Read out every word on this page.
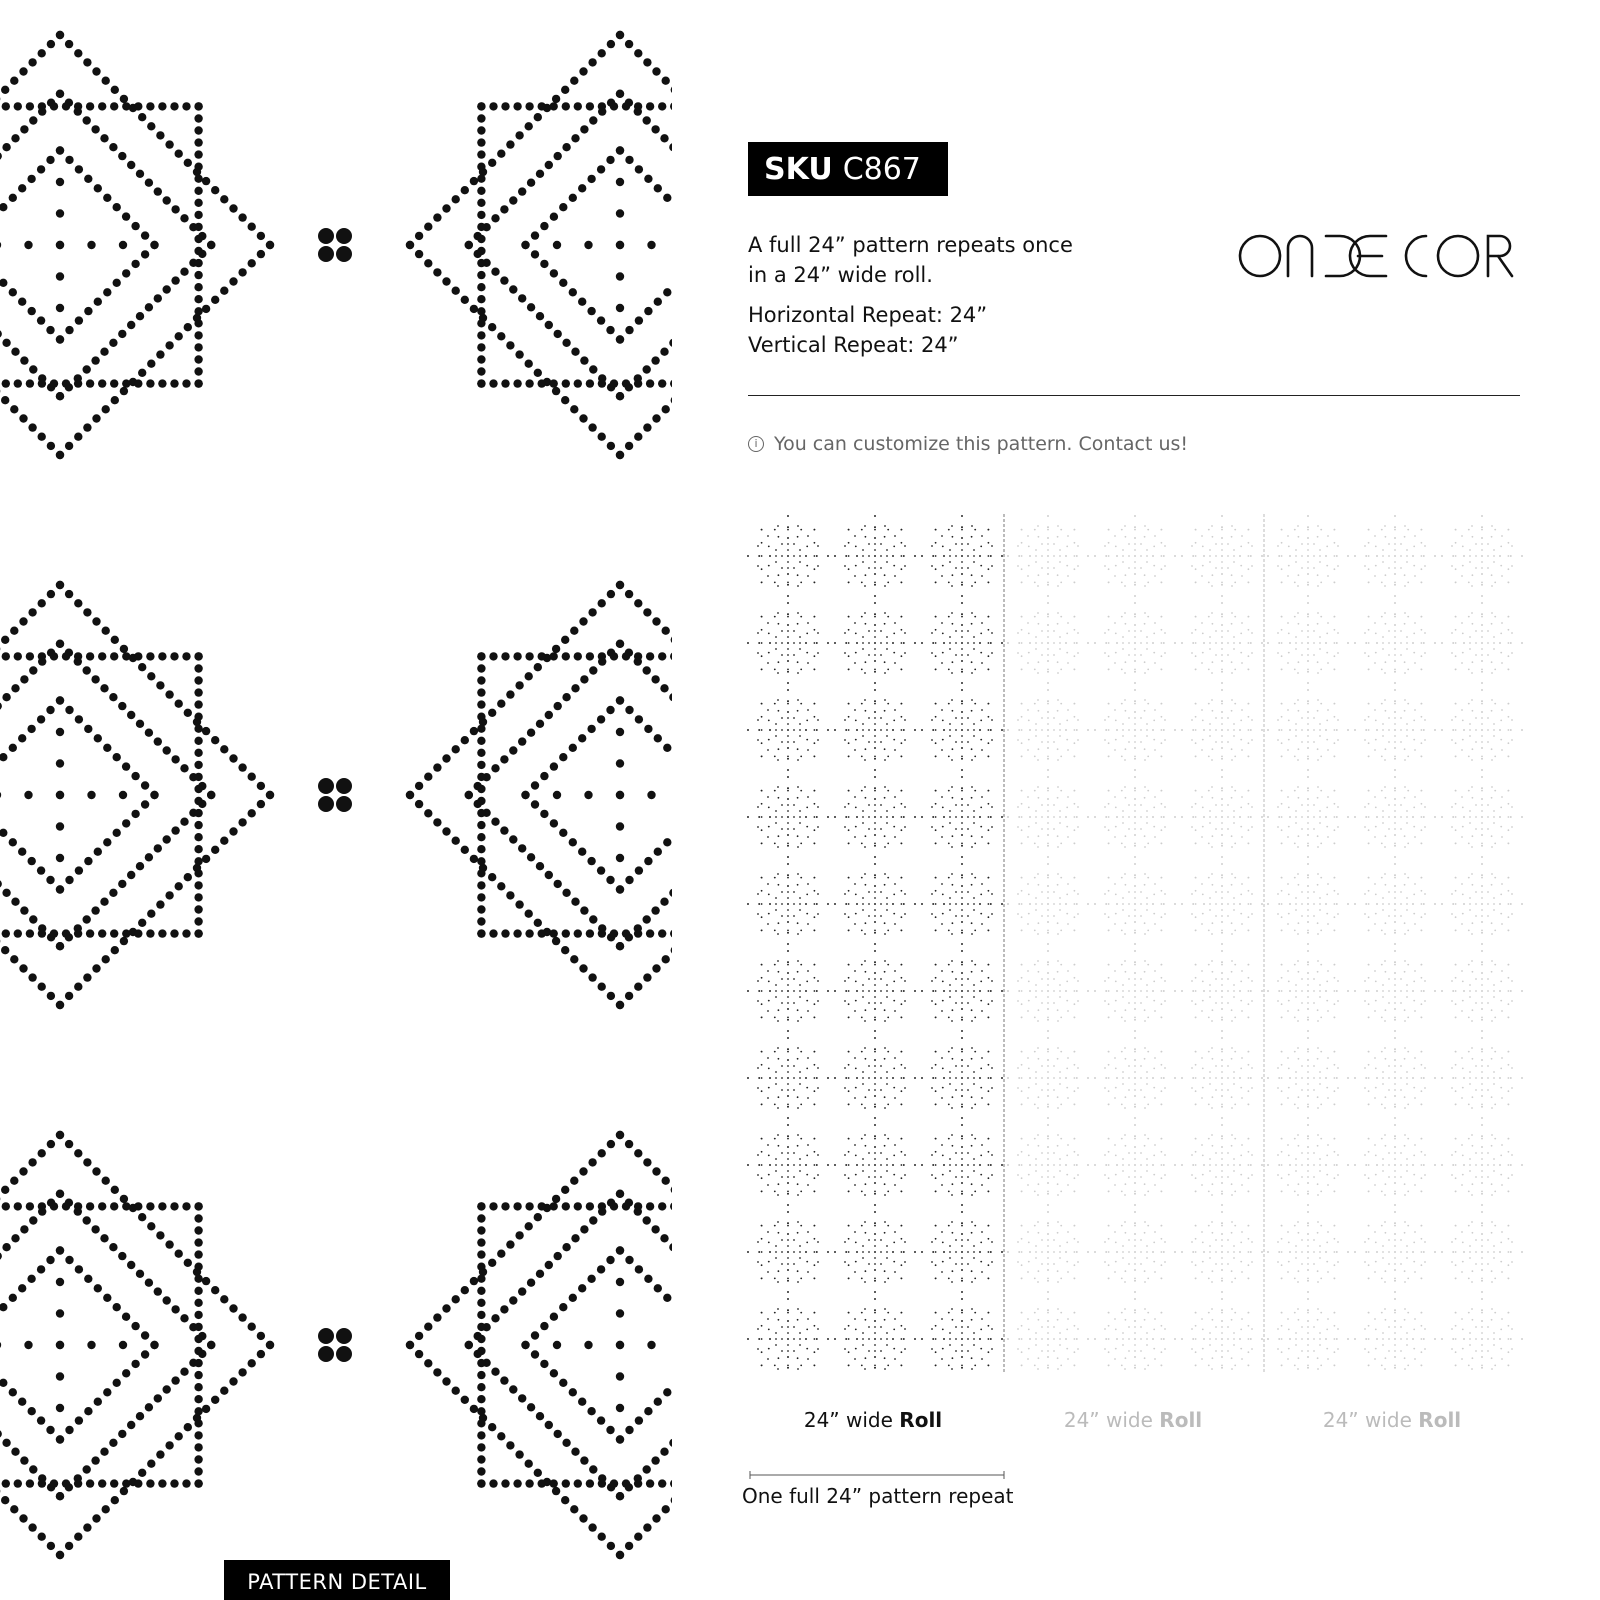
PATTERN DETAIL
SKU C867
A full 24” pattern repeats once
in a 24” wide roll.
Horizontal Repeat: 24”
Vertical Repeat: 24”
i You can customize this pattern. Contact us!
24” wide Roll	24” wide Roll	24” wide Roll
One full 24” pattern repeat
